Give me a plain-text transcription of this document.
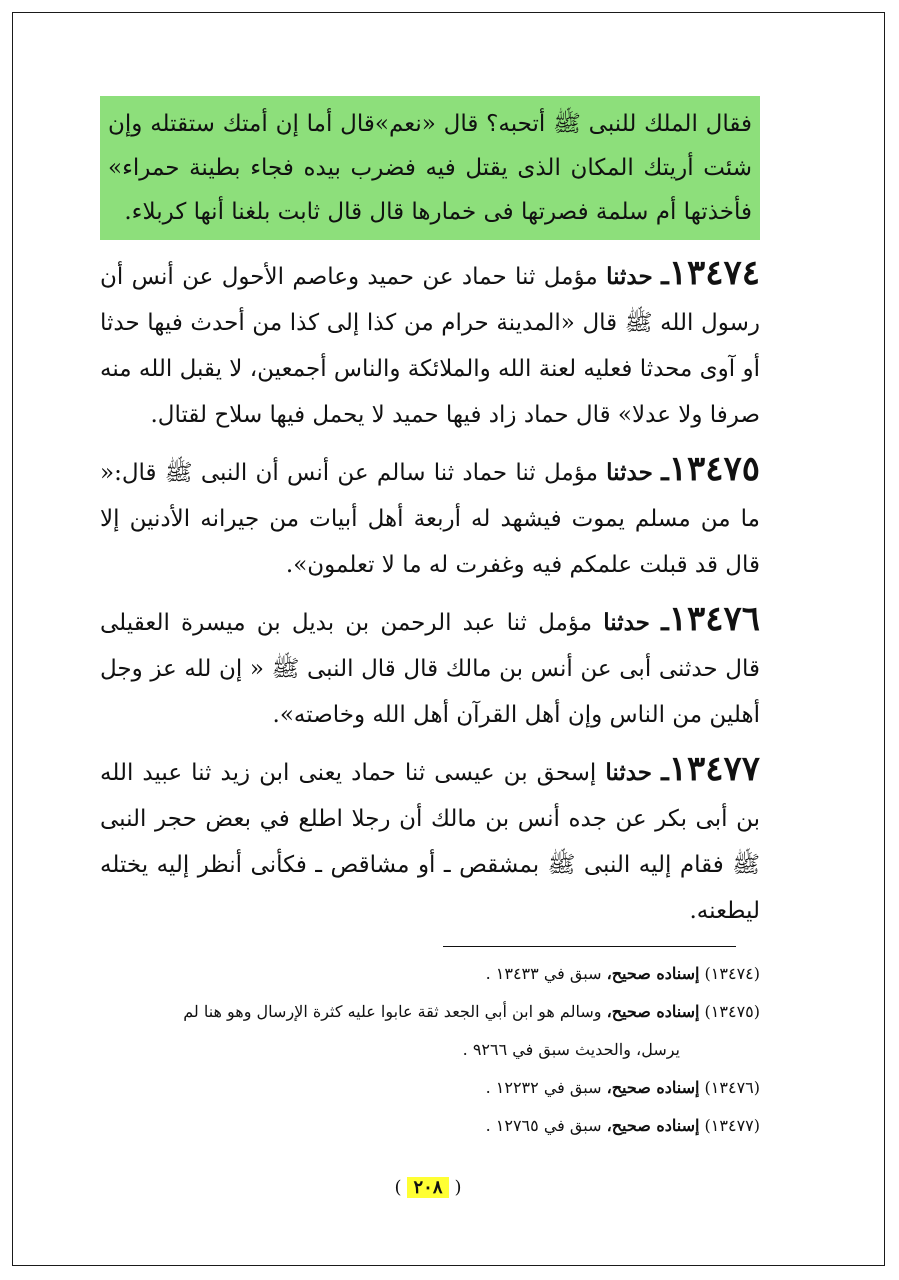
فقال الملك للنبى ﷺ أتحبه؟ قال «نعم»قال أما إن أمتك ستقتله وإن شئت أريتك المكان الذى يقتل فيه فضرب بيده فجاء بطينة حمراء» فأخذتها أم سلمة فصرتها فى خمارها قال قال ثابت بلغنا أنها كربلاء.
١٣٤٧٤ـ حدثنا مؤمل ثنا حماد عن حميد وعاصم الأحول عن أنس أن رسول الله ﷺ قال «المدينة حرام من كذا إلى كذا من أحدث فيها حدثا أو آوى محدثا فعليه لعنة الله والملائكة والناس أجمعين، لا يقبل الله منه صرفا ولا عدلا» قال حماد زاد فيها حميد لا يحمل فيها سلاح لقتال.
١٣٤٧٥ـ حدثنا مؤمل ثنا حماد ثنا سالم عن أنس أن النبى ﷺ قال:« ما من مسلم يموت فيشهد له أربعة أهل أبيات من جيرانه الأدنين إلا قال قد قبلت علمكم فيه وغفرت له ما لا تعلمون».
١٣٤٧٦ـ حدثنا مؤمل ثنا عبد الرحمن بن بديل بن ميسرة العقيلى قال حدثنى أبى عن أنس بن مالك قال قال النبى ﷺ « إن لله عز وجل أهلين من الناس وإن أهل القرآن أهل الله وخاصته».
١٣٤٧٧ـ حدثنا إسحق بن عيسى ثنا حماد يعنى ابن زيد ثنا عبيد الله بن أبى بكر عن جده أنس بن مالك أن رجلا اطلع في بعض حجر النبى ﷺ فقام إليه النبى ﷺ بمشقص ـ أو مشاقص ـ فكأنى أنظر إليه يختله ليطعنه.
(١٣٤٧٤) إسناده صحيح، سبق في ١٣٤٣٣ .
(١٣٤٧٥) إسناده صحيح، وسالم هو ابن أبي الجعد ثقة عابوا عليه كثرة الإرسال وهو هنا لم
يرسل، والحديث سبق في ٩٢٦٦ .
(١٣٤٧٦) إسناده صحيح، سبق في ١٢٢٣٢ .
(١٣٤٧٧) إسناده صحيح، سبق في ١٢٧٦٥ .
( ٢٠٨ )
